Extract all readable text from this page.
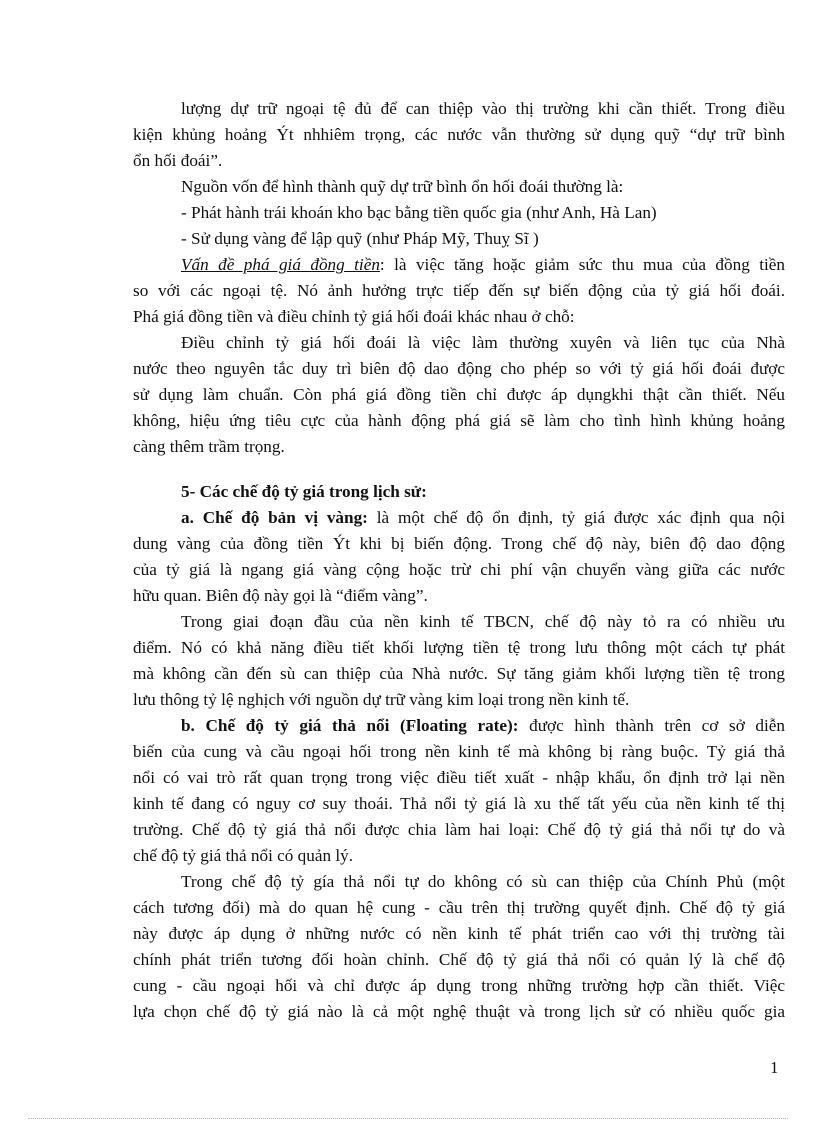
lượng dự trữ ngoại tệ đủ để can thiệp vào thị trường khi cần thiết. Trong điều
kiện khủng hoảng Ýt nhhiêm trọng, các nước vẫn thường sử dụng quỹ “dự trữ bình
ổn hối đoái”.
Nguồn vốn để hình thành quỹ dự trữ bình ổn hối đoái thường là:
- Phát hành trái khoán kho bạc bằng tiền quốc gia (như Anh, Hà Lan)
- Sử dụng vàng để lập quỹ (như Pháp Mỹ, Thuỵ Sĩ )
Vấn đề phá giá đồng tiền: là việc tăng hoặc giảm sức thu mua của đồng tiền
so với các ngoại tệ. Nó ảnh hưởng trực tiếp đến sự biến động của tỷ giá hối đoái.
Phá giá đồng tiền và điều chỉnh tỷ giá hối đoái khác nhau ở chỗ:
Điều chỉnh tỷ giá hối đoái là việc làm thường xuyên và liên tục của Nhà
nước theo nguyên tắc duy trì biên độ dao động cho phép so với tỷ giá hối đoái được
sử dụng làm chuẩn. Còn phá giá đồng tiền chỉ được áp dụngkhi thật cần thiết. Nếu
không, hiệu ứng tiêu cực của hành động phá giá sẽ làm cho tình hình khủng hoảng
càng thêm trầm trọng.
5- Các chế độ tỷ giá trong lịch sử:
a. Chế độ bản vị vàng: là một chế độ ổn định, tỷ giá được xác định qua nội
dung vàng của đồng tiền Ýt khi bị biến động. Trong chế độ này, biên độ dao động
của tỷ giá là ngang giá vàng cộng hoặc trừ chi phí vận chuyển vàng giữa các nước
hữu quan. Biên độ này gọi là “điểm vàng”.
Trong giai đoạn đầu của nền kinh tế TBCN, chế độ này tỏ ra có nhiều ưu
điểm. Nó có khả năng điều tiết khối lượng tiền tệ trong lưu thông một cách tự phát
mà không cần đến sù can thiệp của Nhà nước. Sự tăng giảm khối lượng tiền tệ trong
lưu thông tỷ lệ nghịch với nguồn dự trữ vàng kim loại trong nền kinh tế.
b. Chế độ tỷ giá thả nổi (Floating rate): được hình thành trên cơ sở diễn
biến của cung và cầu ngoại hối trong nền kinh tế mà không bị ràng buộc. Tỷ giá thả
nổi có vai trò rất quan trọng trong việc điều tiết xuất - nhập khẩu, ổn định trở lại nền
kinh tế đang có nguy cơ suy thoái. Thả nổi tỷ giá là xu thế tất yếu của nền kinh tế thị
trường. Chế độ tỷ giá thả nổi được chia làm hai loại: Chế độ tỷ giá thả nổi tự do và
chế độ tỷ giá thả nổi có quản lý.
Trong chế độ tỷ gía thả nổi tự do không có sù can thiệp của Chính Phủ (một
cách tương đối) mà do quan hệ cung - cầu trên thị trường quyết định. Chế độ tỷ giá
này được áp dụng ở những nước có nền kinh tế phát triển cao với thị trường tài
chính phát triển tương đối hoàn chỉnh. Chế độ tỷ giá thả nổi có quản lý là chế độ
cung - cầu ngoại hối và chỉ được áp dụng trong những trường hợp cần thiết. Việc
lựa chọn chế độ tỷ giá nào là cả một nghệ thuật và trong lịch sử có nhiều quốc gia
1
